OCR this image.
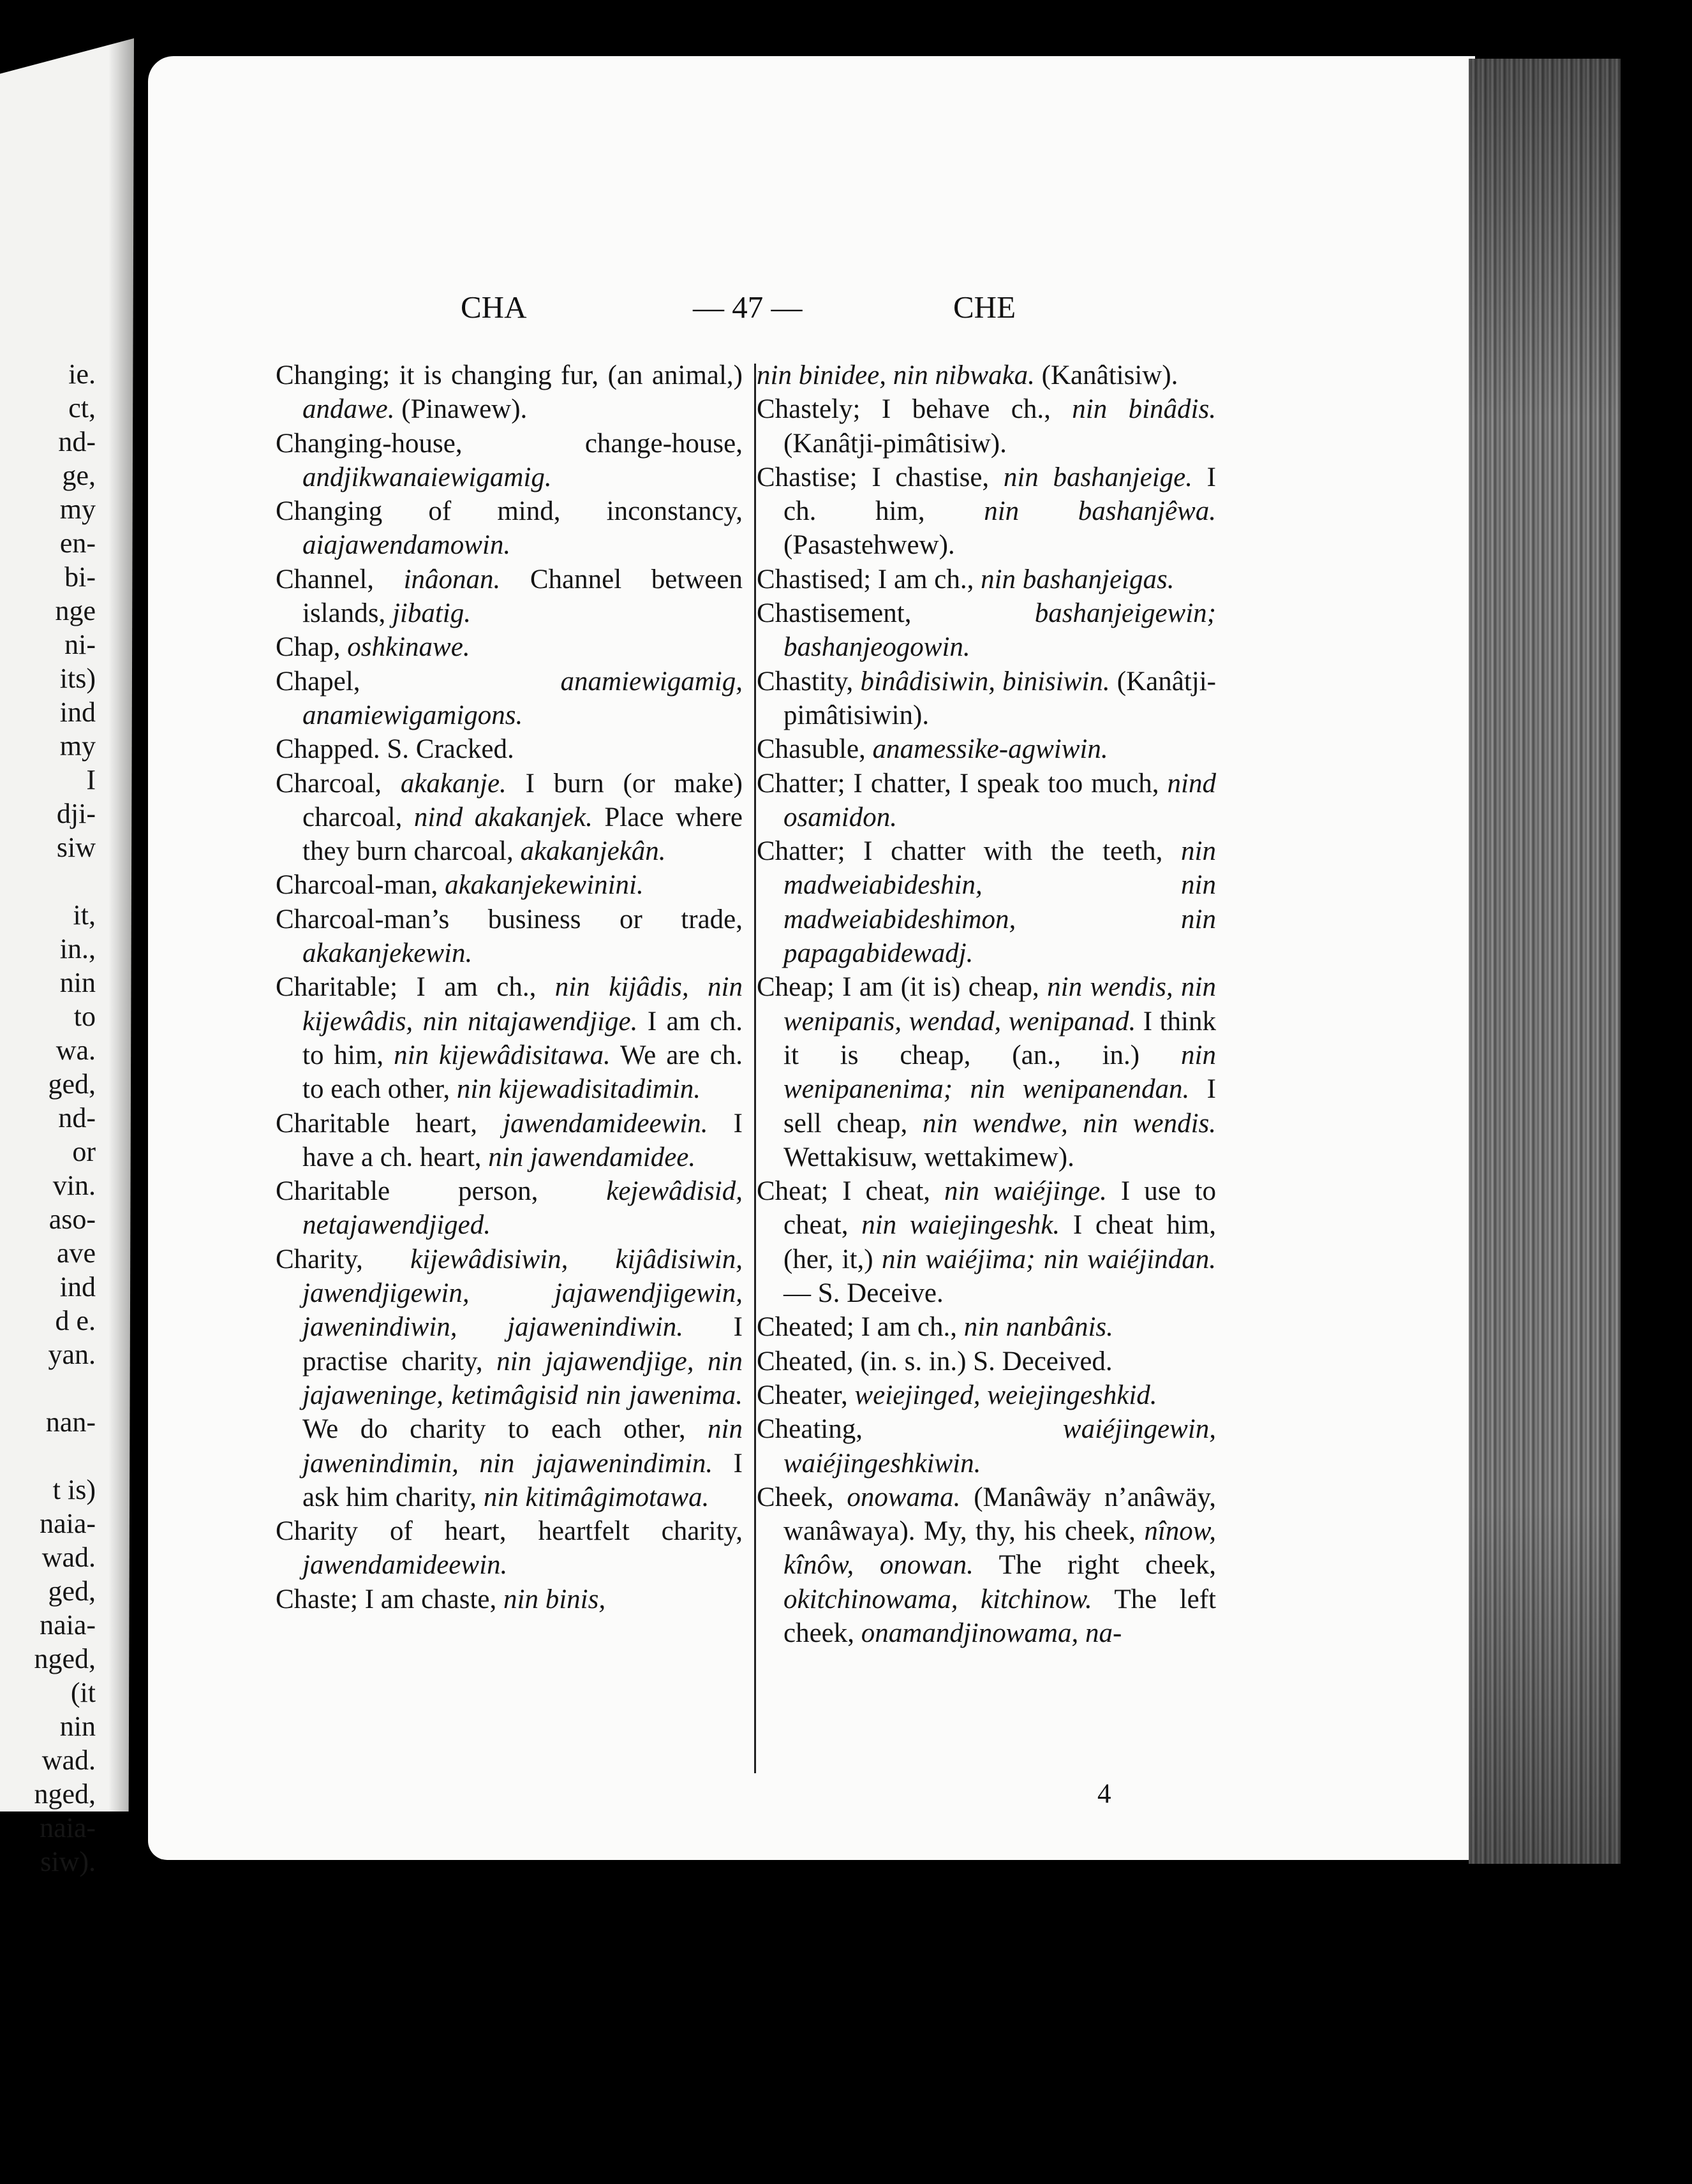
ie.
ct,
nd-
ge,
my
en-
bi-
nge
ni-
its)
ind
my
I
dji-
siw

it,
in.,
nin
to
wa.
ged,
nd-
or
vin.
aso-
ave
ind
d e.
yan.

nan-

t is)
naia-
wad.
ged,
naia-
nged,
(it
nin
wad.
nged,
naia-
siw).
CHA	— 47 —	CHE
Changing; it is changing fur, (an animal,) andawe. (Pinawew).
Changing-house, change-house, andjikwanaiewigamig.
Changing of mind, inconstancy, aiajawendamowin.
Channel, inâonan. Channel between islands, jibatig.
Chap, oshkinawe.
Chapel, anamiewigamig, anamiewigamigons.
Chapped. S. Cracked.
Charcoal, akakanje. I burn (or make) charcoal, nind akakanjek. Place where they burn charcoal, akakanjekân.
Charcoal-man, akakanjekewinini.
Charcoal-man’s business or trade, akakanjekewin.
Charitable; I am ch., nin kijâdis, nin kijewâdis, nin nitajawendjige. I am ch. to him, nin kijewâdisitawa. We are ch. to each other, nin kijewadisitadimin.
Charitable heart, jawendamideewin. I have a ch. heart, nin jawendamidee.
Charitable person, kejewâdisid, netajawendjiged.
Charity, kijewâdisiwin, kijâdisiwin, jawendjigewin, jajawendjigewin, jawenindiwin, jajawenindiwin. I practise charity, nin jajawendjige, nin jajaweninge, ketimâgisid nin jawenima. We do charity to each other, nin jawenindimin, nin jajawenindimin. I ask him charity, nin kitimâgimotawa.
Charity of heart, heartfelt charity, jawendamideewin.
Chaste; I am chaste, nin binis,
nin binidee, nin nibwaka. (Kanâtisiw).
Chastely; I behave ch., nin binâdis. (Kanâtji-pimâtisiw).
Chastise; I chastise, nin bashanjeige. I ch. him, nin bashanjêwa. (Pasastehwew).
Chastised; I am ch., nin bashanjeigas.
Chastisement, bashanjeigewin; bashanjeogowin.
Chastity, binâdisiwin, binisiwin. (Kanâtji-pimâtisiwin).
Chasuble, anamessike-agwiwin.
Chatter; I chatter, I speak too much, nind osamidon.
Chatter; I chatter with the teeth, nin madweiabideshin, nin madweiabideshimon, nin papagabidewadj.
Cheap; I am (it is) cheap, nin wendis, nin wenipanis, wendad, wenipanad. I think it is cheap, (an., in.) nin wenipanenima; nin wenipanendan. I sell cheap, nin wendwe, nin wendis. Wettakisuw, wettakimew).
Cheat; I cheat, nin waiéjinge. I use to cheat, nin waiejingeshk. I cheat him, (her, it,) nin waiéjima; nin waiéjindan.— S. Deceive.
Cheated; I am ch., nin nanbânis.
Cheated, (in. s. in.) S. Deceived.
Cheater, weiejinged, weiejingeshkid.
Cheating, waiéjingewin, waiéjingeshkiwin.
Cheek, onowama. (Manâwäy n’anâwäy, wanâwaya). My, thy, his cheek, nînow, kînôw, onowan. The right cheek, okitchinowama, kitchinow. The left cheek, onamandjinowama, na-
4
